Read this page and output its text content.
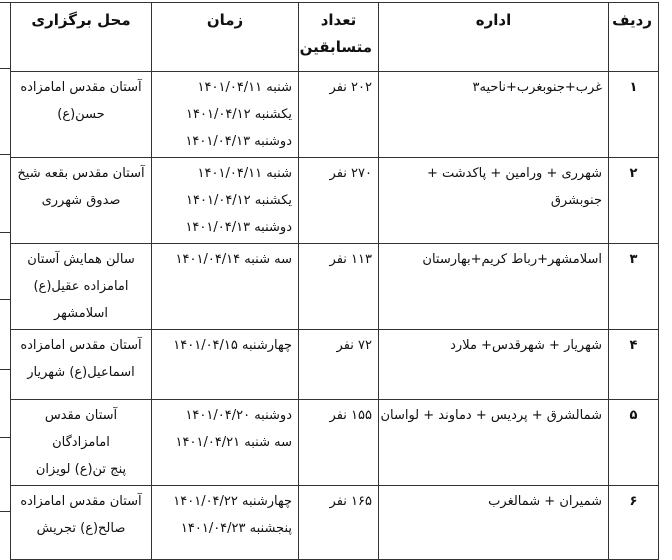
ردیف	اداره	تعداد
متسابقین	زمان	محل برگزاری

۱	غرب+جنوبغرب+ناحیه۳	۲۰۲ نفر	شنبه ۱۴۰۱/۰۴/۱۱
یکشنبه ۱۴۰۱/۰۴/۱۲
دوشنبه ۱۴۰۱/۰۴/۱۳	آستان مقدس امامزاده
حسن(ع)

۲	شهرری + ورامین + پاکدشت +
جنوبشرق	۲۷۰ نفر	شنبه ۱۴۰۱/۰۴/۱۱
یکشنبه ۱۴۰۱/۰۴/۱۲
دوشنبه ۱۴۰۱/۰۴/۱۳	آستان مقدس بقعه شیخ
صدوق شهرری

۳	اسلامشهر+رباط کریم+بهارستان	۱۱۳ نفر	سه شنبه ۱۴۰۱/۰۴/۱۴	سالن همایش آستان
امامزاده عقیل(ع) اسلامشهر

۴	شهریار + شهرقدس+ ملارد	۷۲ نفر	چهارشنبه ۱۴۰۱/۰۴/۱۵	آستان مقدس امامزاده
اسماعیل(ع) شهریار

۵	شمالشرق + پردیس + دماوند + لواسان	۱۵۵ نفر	دوشنبه ۱۴۰۱/۰۴/۲۰
سه شنبه ۱۴۰۱/۰۴/۲۱	آستان مقدس امامزادگان
پنج تن(ع) لویزان

۶	شمیران + شمالغرب	۱۶۵ نفر	چهارشنبه ۱۴۰۱/۰۴/۲۲
پنجشنبه ۱۴۰۱/۰۴/۲۳	آستان مقدس امامزاده
صالح(ع) تجریش
